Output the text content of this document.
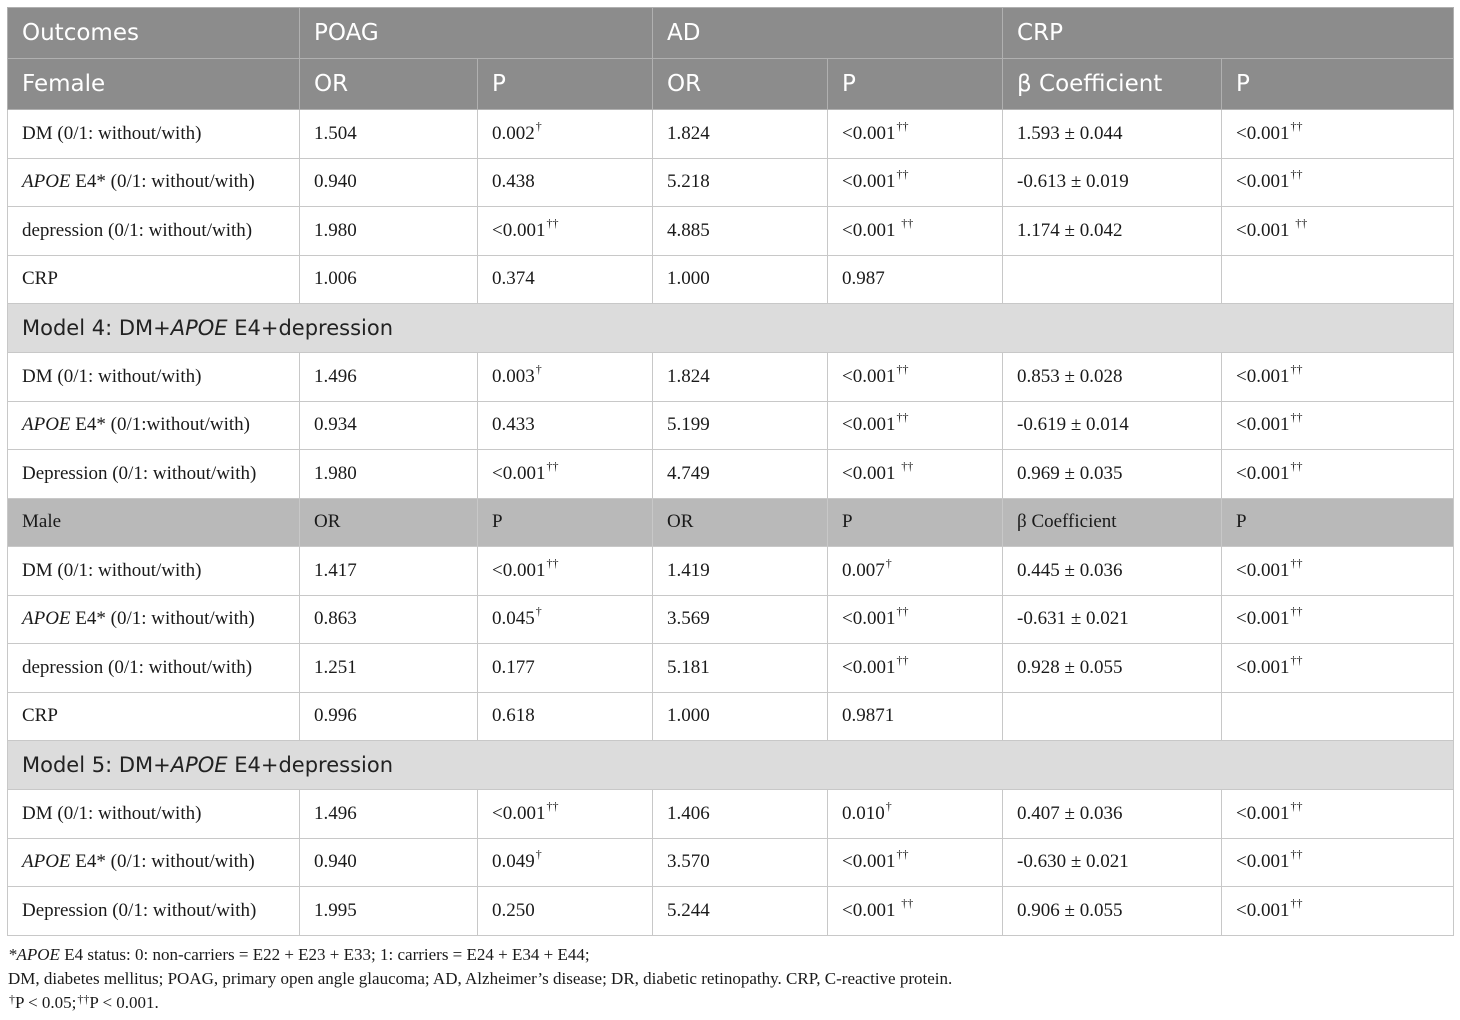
Outcomes	POAG		AD		CRP	
Female	OR	P	OR	P	β Coefficient	P
DM (0/1: without/with)	1.504	0.002†	1.824	<0.001††	1.593 ± 0.044	<0.001††
APOE E4* (0/1: without/with)	0.940	0.438	5.218	<0.001††	-0.613 ± 0.019	<0.001††
depression (0/1: without/with)	1.980	<0.001††	4.885	<0.001 ††	1.174 ± 0.042	<0.001 ††
CRP	1.006	0.374	1.000	0.987		
Model 4: DM+APOE E4+depression						
DM (0/1: without/with)	1.496	0.003†	1.824	<0.001††	0.853 ± 0.028	<0.001††
APOE E4* (0/1:without/with)	0.934	0.433	5.199	<0.001††	-0.619 ± 0.014	<0.001††
Depression (0/1: without/with)	1.980	<0.001††	4.749	<0.001 ††	0.969 ± 0.035	<0.001††
Male	OR	P	OR	P	β Coefficient	P
DM (0/1: without/with)	1.417	<0.001††	1.419	0.007†	0.445 ± 0.036	<0.001††
APOE E4* (0/1: without/with)	0.863	0.045†	3.569	<0.001††	-0.631 ± 0.021	<0.001††
depression (0/1: without/with)	1.251	0.177	5.181	<0.001††	0.928 ± 0.055	<0.001††
CRP	0.996	0.618	1.000	0.9871		
Model 5: DM+APOE E4+depression						
DM (0/1: without/with)	1.496	<0.001††	1.406	0.010†	0.407 ± 0.036	<0.001††
APOE E4* (0/1: without/with)	0.940	0.049†	3.570	<0.001††	-0.630 ± 0.021	<0.001††
Depression (0/1: without/with)	1.995	0.250	5.244	<0.001 ††	0.906 ± 0.055	<0.001††
*APOE E4 status: 0: non-carriers = E22 + E23 + E33; 1: carriers = E24 + E34 + E44;
DM, diabetes mellitus; POAG, primary open angle glaucoma; AD, Alzheimer’s disease; DR, diabetic retinopathy. CRP, C-reactive protein.
†P < 0.05;††P < 0.001.
